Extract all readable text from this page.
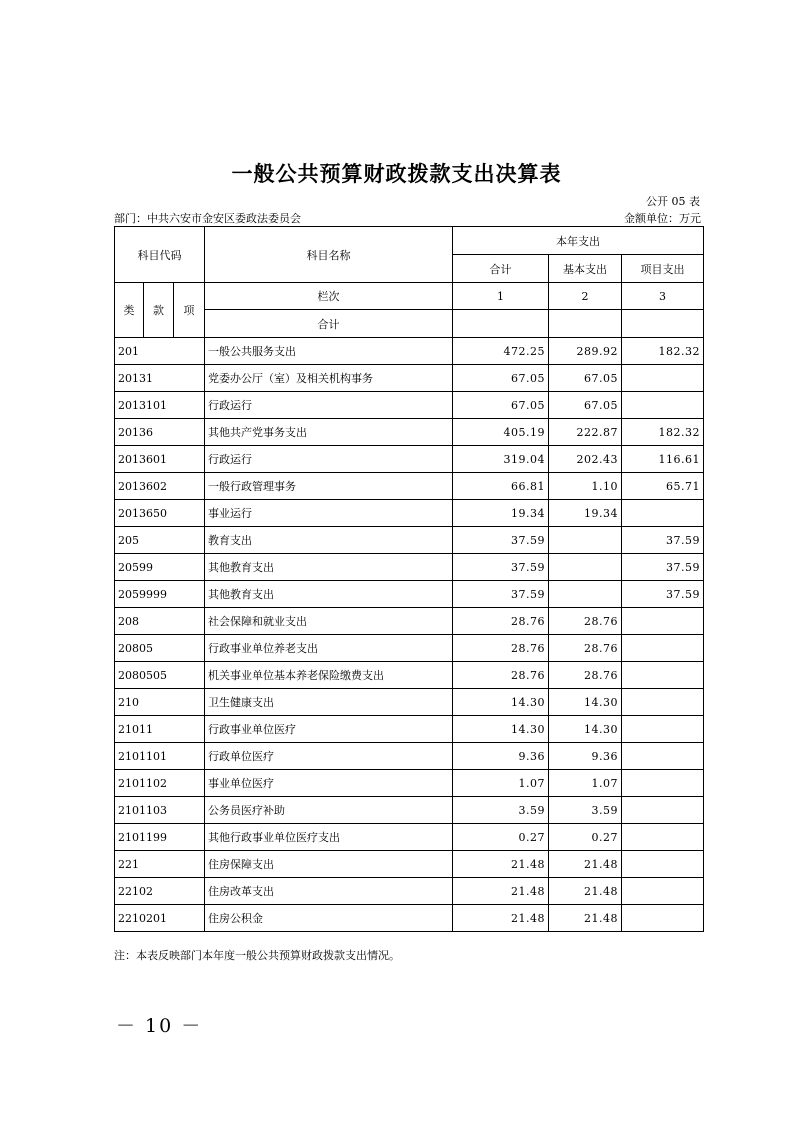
一般公共预算财政拨款支出决算表
公开 05 表
部门：中共六安市金安区委政法委员会	金额单位：万元
科目代码			科目名称	本年支出		
				合计	基本支出	项目支出
类	款	项	栏次	1	2	3
			合计			
201			一般公共服务支出	472.25	289.92	182.32
20131			党委办公厅（室）及相关机构事务	67.05	67.05	
2013101			行政运行	67.05	67.05	
20136			其他共产党事务支出	405.19	222.87	182.32
2013601			行政运行	319.04	202.43	116.61
2013602			一般行政管理事务	66.81	1.10	65.71
2013650			事业运行	19.34	19.34	
205			教育支出	37.59		37.59
20599			其他教育支出	37.59		37.59
2059999			其他教育支出	37.59		37.59
208			社会保障和就业支出	28.76	28.76	
20805			行政事业单位养老支出	28.76	28.76	
2080505			机关事业单位基本养老保险缴费支出	28.76	28.76	
210			卫生健康支出	14.30	14.30	
21011			行政事业单位医疗	14.30	14.30	
2101101			行政单位医疗	9.36	9.36	
2101102			事业单位医疗	1.07	1.07	
2101103			公务员医疗补助	3.59	3.59	
2101199			其他行政事业单位医疗支出	0.27	0.27	
221			住房保障支出	21.48	21.48	
22102			住房改革支出	21.48	21.48	
2210201			住房公积金	21.48	21.48	
注：本表反映部门本年度一般公共预算财政拨款支出情况。
－ 10 －
